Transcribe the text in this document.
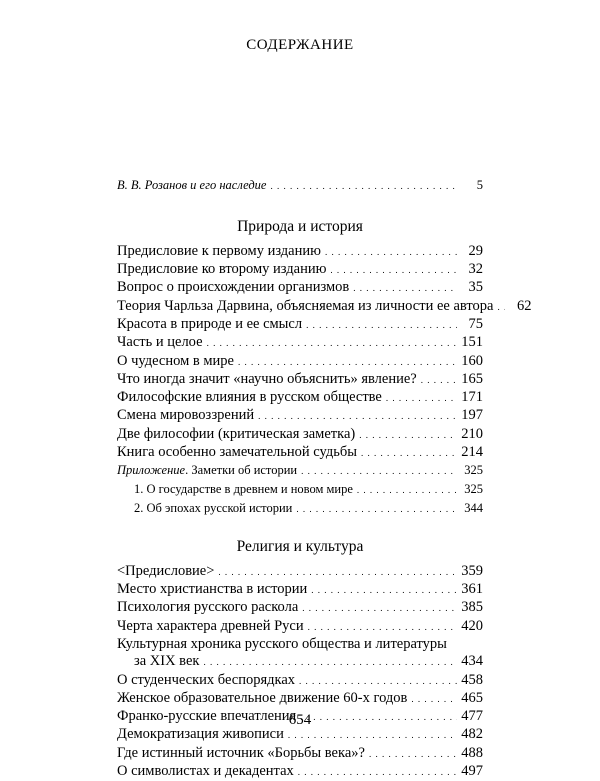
СОДЕРЖАНИЕ
В. В. Розанов и его наследие . . .	5
Природа и история
Предисловие к первому изданию . . .	29
Предисловие ко второму изданию . . .	32
Вопрос о происхождении организмов . . .	35
Теория Чарльза Дарвина, объясняемая из личности ее автора . . .	62
Красота в природе и ее смысл . . .	75
Часть и целое . . .	151
О чудесном в мире . . .	160
Что иногда значит «научно объяснить» явление? . . .	165
Философские влияния в русском обществе . . .	171
Смена мировоззрений . . .	197
Две философии (критическая заметка) . . .	210
Книга особенно замечательной судьбы . . .	214
Приложение. Заметки об истории . . .	325
1. О государстве в древнем и новом мире . . .	325
2. Об эпохах русской истории . . .	344
Религия и культура
<Предисловие> . . .	359
Место христианства в истории . . .	361
Психология русского раскола . . .	385
Черта характера древней Руси . . .	420
Культурная хроника русского общества и литературы
за XIX век . . .	434
О студенческих беспорядках . . .	458
Женское образовательное движение 60-х годов . . .	465
Франко-русские впечатления . . .	477
Демократизация живописи . . .	482
Где истинный источник «Борьбы века»? . . .	488
О символистах и декадентах . . .	497
654
